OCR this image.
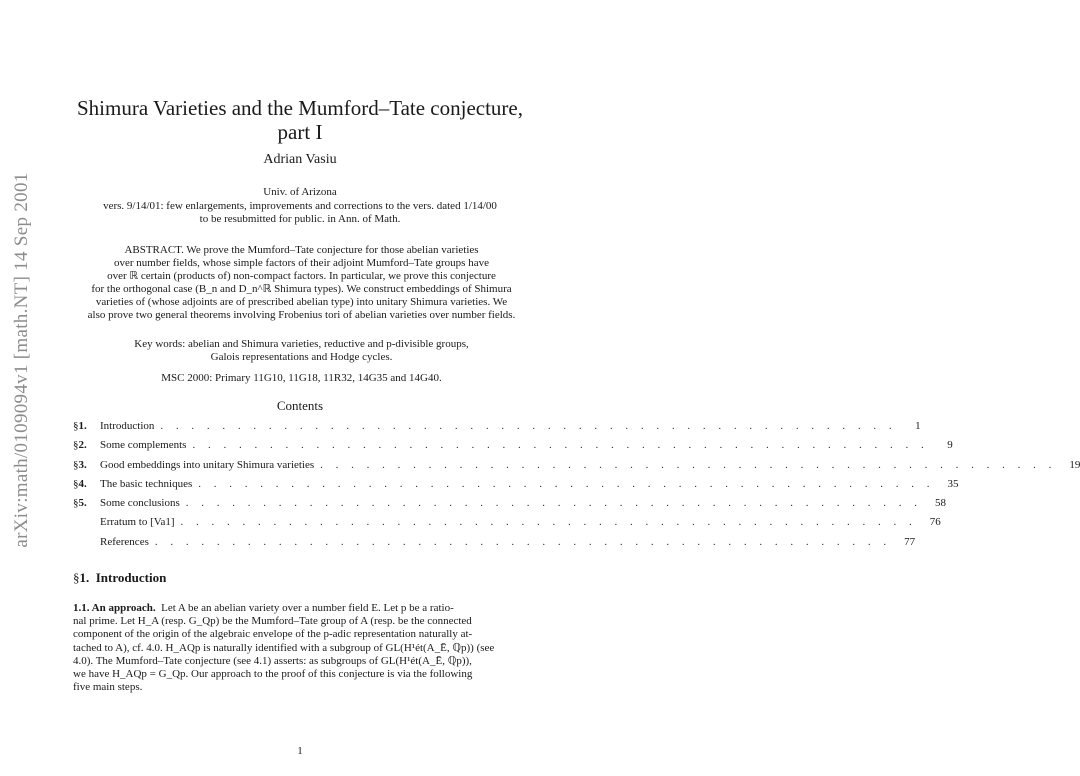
arXiv:math/0109094v1 [math.NT] 14 Sep 2001
Shimura Varieties and the Mumford–Tate conjecture,
part I
Adrian Vasiu
Univ. of Arizona
vers. 9/14/01: few enlargements, improvements and corrections to the vers. dated 1/14/00
to be resubmitted for public. in Ann. of Math.
ABSTRACT. We prove the Mumford–Tate conjecture for those abelian varieties
over number fields, whose simple factors of their adjoint Mumford–Tate groups have
over ℝ certain (products of) non-compact factors. In particular, we prove this conjecture
for the orthogonal case (B_n and D_n^ℝ Shimura types). We construct embeddings of Shimura
varieties of (whose adjoints are of prescribed abelian type) into unitary Shimura varieties. We
also prove two general theorems involving Frobenius tori of abelian varieties over number fields.
Key words: abelian and Shimura varieties, reductive and p-divisible groups,
Galois representations and Hodge cycles.
MSC 2000: Primary 11G10, 11G18, 11R32, 14G35 and 14G40.
Contents
§1.	Introduction . . . . . . . . . . . . . . . . . . . . . . . . . . . . . . . . . . . . . . . . . . . . . . . .	1
§2.	Some complements . . . . . . . . . . . . . . . . . . . . . . . . . . . . . . . . . . . . . . . . . . . . . . . .	9
§3.	Good embeddings into unitary Shimura varieties . . . . . . . . . . . . . . . . . . . . . . . . . . . . . . . . . . . . . . . . . . . . . . . .	19
§4.	The basic techniques . . . . . . . . . . . . . . . . . . . . . . . . . . . . . . . . . . . . . . . . . . . . . . . .	35
§5.	Some conclusions . . . . . . . . . . . . . . . . . . . . . . . . . . . . . . . . . . . . . . . . . . . . . . . .	58
Erratum to [Va1] . . . . . . . . . . . . . . . . . . . . . . . . . . . . . . . . . . . . . . . . . . . . . . . .	76
References . . . . . . . . . . . . . . . . . . . . . . . . . . . . . . . . . . . . . . . . . . . . . . . .	77
§1. Introduction
1.1. An approach. Let A be an abelian variety over a number field E. Let p be a ratio-
nal prime. Let H_A (resp. G_Qp) be the Mumford–Tate group of A (resp. be the connected
component of the origin of the algebraic envelope of the p-adic representation naturally at-
tached to A), cf. 4.0. H_AQp is naturally identified with a subgroup of GL(H¹ét(A_Ē, ℚp)) (see
4.0). The Mumford–Tate conjecture (see 4.1) asserts: as subgroups of GL(H¹ét(A_Ē, ℚp)),
we have H_AQp = G_Qp. Our approach to the proof of this conjecture is via the following
five main steps.
1
